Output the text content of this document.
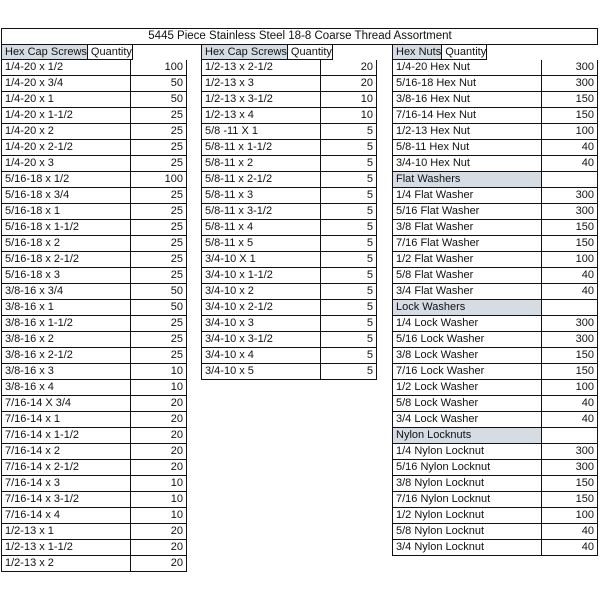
5445 Piece Stainless Steel 18-8 Coarse Thread Assortment
Hex Cap Screws Quantity
1/4-20 x 1/2	100
1/4-20 x 3/4	50
1/4-20 x 1	50
1/4-20 x 1-1/2	25
1/4-20 x 2	25
1/4-20 x 2-1/2	25
1/4-20 x 3	25
5/16-18 x 1/2	100
5/16-18 x 3/4	25
5/16-18 x 1	25
5/16-18 x 1-1/2	25
5/16-18 x 2	25
5/16-18 x 2-1/2	25
5/16-18 x 3	25
3/8-16 x 3/4	50
3/8-16 x 1	50
3/8-16 x 1-1/2	25
3/8-16 x 2	25
3/8-16 x 2-1/2	25
3/8-16 x 3	10
3/8-16 x 4	10
7/16-14 X 3/4	20
7/16-14 x 1	20
7/16-14 x 1-1/2	20
7/16-14 x 2	20
7/16-14 x 2-1/2	20
7/16-14 x 3	10
7/16-14 x 3-1/2	10
7/16-14 x 4	10
1/2-13 x 1	20
1/2-13 x 1-1/2	20
1/2-13 x 2	20
Hex Cap Screws Quantity
1/2-13 x 2-1/2	20
1/2-13 x 3	20
1/2-13 x 3-1/2	10
1/2-13 x 4	10
5/8 -11 X 1	5
5/8-11 x 1-1/2	5
5/8-11 x 2	5
5/8-11 x 2-1/2	5
5/8-11 x 3	5
5/8-11 x 3-1/2	5
5/8-11 x 4	5
5/8-11 x 5	5
3/4-10 X 1	5
3/4-10 x 1-1/2	5
3/4-10 x 2	5
3/4-10 x 2-1/2	5
3/4-10 x 3	5
3/4-10 x 3-1/2	5
3/4-10 x 4	5
3/4-10 x 5	5
Hex Nuts Quantity
1/4-20 Hex Nut	300
5/16-18 Hex Nut	300
3/8-16 Hex Nut	150
7/16-14 Hex Nut	150
1/2-13 Hex Nut	100
5/8-11 Hex Nut	40
3/4-10 Hex Nut	40
Flat Washers
1/4 Flat Washer	300
5/16 Flat Washer	300
3/8 Flat Washer	150
7/16 Flat Washer	150
1/2 Flat Washer	100
5/8 Flat Washer	40
3/4 Flat Washer	40
Lock Washers
1/4 Lock Washer	300
5/16 Lock Washer	300
3/8 Lock Washer	150
7/16 Lock Washer	150
1/2 Lock Washer	100
5/8 Lock Washer	40
3/4 Lock Washer	40
Nylon Locknuts
1/4 Nylon Locknut	300
5/16 Nylon Locknut	300
3/8 Nylon Locknut	150
7/16 Nylon Locknut	150
1/2 Nylon Locknut	100
5/8 Nylon Locknut	40
3/4 Nylon Locknut	40
